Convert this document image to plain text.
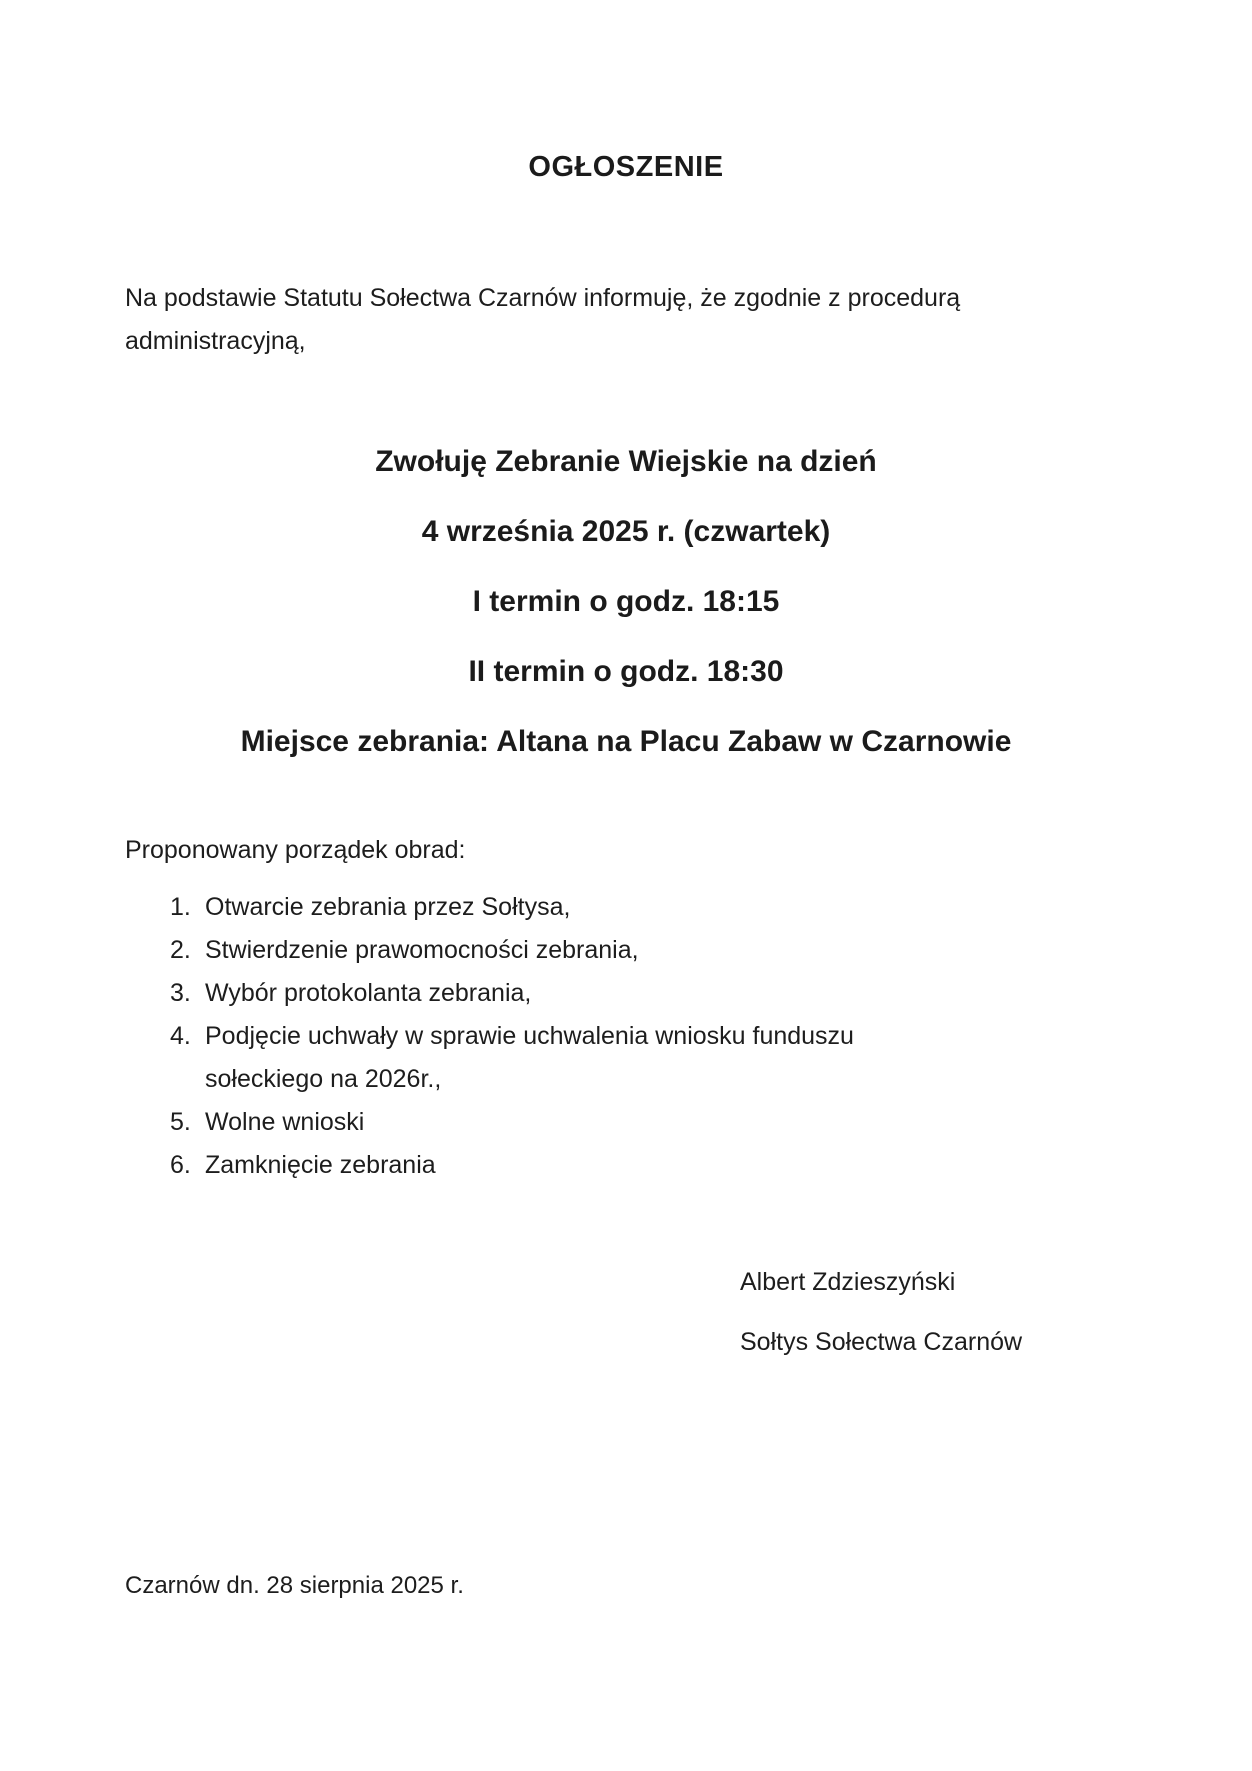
OGŁOSZENIE

Na podstawie Statutu Sołectwa Czarnów informuję, że zgodnie z procedurą administracyjną,

Zwołuję Zebranie Wiejskie na dzień

4 września 2025 r. (czwartek)

I termin o godz. 18:15

II termin o godz. 18:30

Miejsce zebrania: Altana na Placu Zabaw w Czarnowie

Proponowany porządek obrad:

Otwarcie zebrania przez Sołtysa,
Stwierdzenie prawomocności zebrania,
Wybór protokolanta zebrania,
Podjęcie uchwały w sprawie uchwalenia wniosku funduszu sołeckiego na 2026r.,
Wolne wnioski
Zamknięcie zebrania

Albert Zdzieszyński

Sołtys Sołectwa Czarnów

Czarnów dn. 28 sierpnia 2025 r.
